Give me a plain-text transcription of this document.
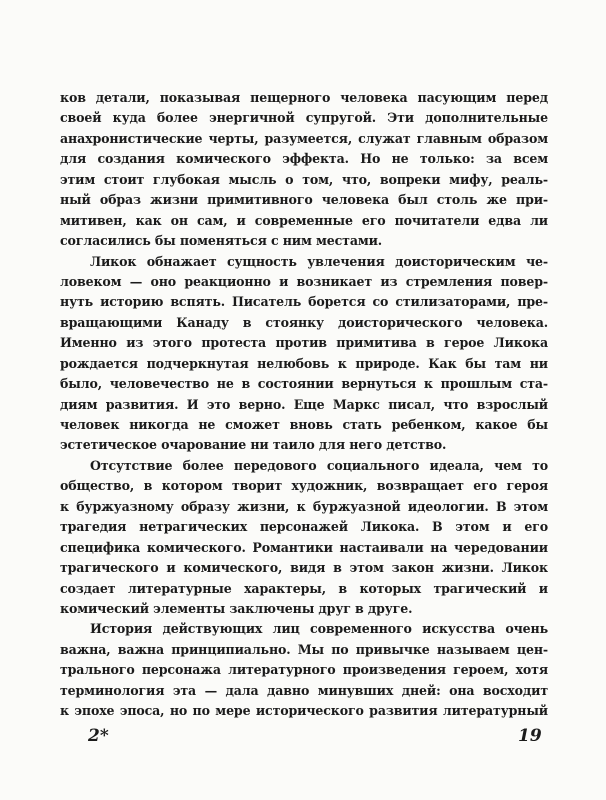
ков детали, показывая пещерного человека пасующим перед
своей куда более энергичной супругой. Эти дополнительные
анахронистические черты, разумеется, служат главным образом
для создания комического эффекта. Но не только: за всем
этим стоит глубокая мысль о том, что, вопреки мифу, реаль-
ный образ жизни примитивного человека был столь же при-
митивен, как он сам, и современные его почитатели едва ли
согласились бы поменяться с ним местами.
Ликок обнажает сущность увлечения доисторическим че-
ловеком — оно реакционно и возникает из стремления повер-
нуть историю вспять. Писатель борется со стилизаторами, пре-
вращающими Канаду в стоянку доисторического человека.
Именно из этого протеста против примитива в герое Ликока
рождается подчеркнутая нелюбовь к природе. Как бы там ни
было, человечество не в состоянии вернуться к прошлым ста-
диям развития. И это верно. Еще Маркс писал, что взрослый
человек никогда не сможет вновь стать ребенком, какое бы
эстетическое очарование ни таило для него детство.
Отсутствие более передового социального идеала, чем то
общество, в котором творит художник, возвращает его героя
к буржуазному образу жизни, к буржуазной идеологии. В этом
трагедия нетрагических персонажей Ликока. В этом и его
специфика комического. Романтики настаивали на чередовании
трагического и комического, видя в этом закон жизни. Ликок
создает литературные характеры, в которых трагический и
комический элементы заключены друг в друге.
История действующих лиц современного искусства очень
важна, важна принципиально. Мы по привычке называем цен-
трального персонажа литературного произведения героем, хотя
терминология эта — дала давно минувших дней: она восходит
к эпохе эпоса, но по мере исторического развития литературный
2*	19
